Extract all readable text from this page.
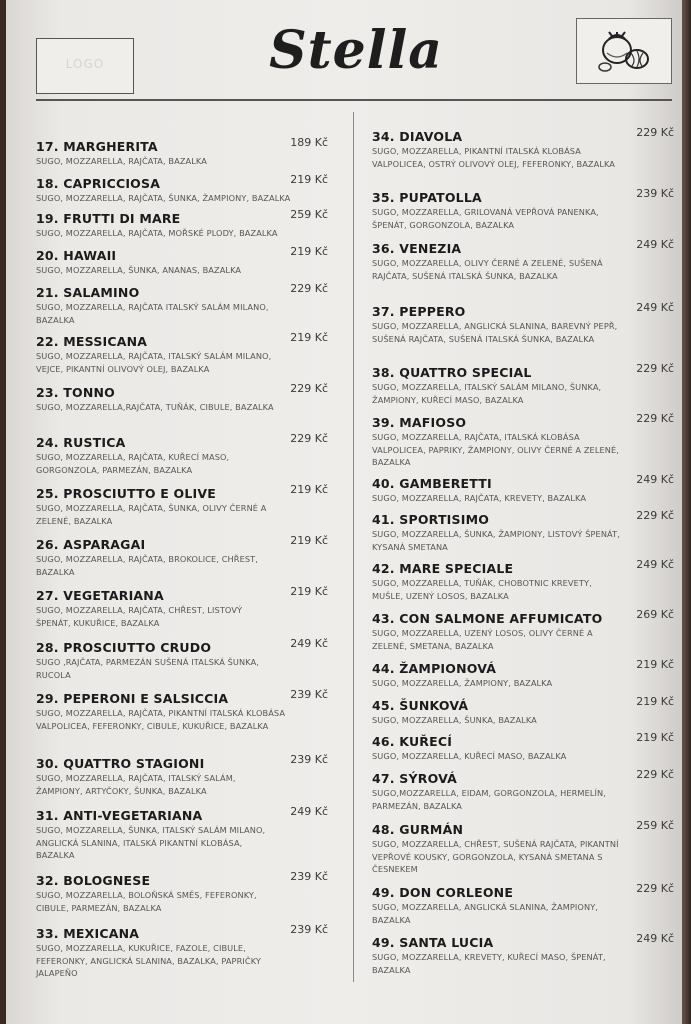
LOGO	Stella
17. MARGHERITA	189 Kč
SUGO, MOZZARELLA, RAJČATA, BAZALKA
18. CAPRICCIOSA	219 Kč
SUGO, MOZZARELLA, RAJČATA, ŠUNKA, ŽAMPIONY, BAZALKA
19. FRUTTI DI MARE	259 Kč
SUGO, MOZZARELLA, RAJČATA, MOŘSKÉ PLODY, BAZALKA
20. HAWAII	219 Kč
SUGO, MOZZARELLA, ŠUNKA, ANANAS, BAZALKA
21. SALAMINO	229 Kč
SUGO, MOZZARELLA, RAJČATA ITALSKÝ SALÁM MILANO, BAZALKA
22. MESSICANA	219 Kč
SUGO, MOZZARELLA, RAJČATA, ITALSKÝ SALÁM MILANO, VEJCE, PIKANTNÍ OLIVOVÝ OLEJ, BAZALKA
23. TONNO	229 Kč
SUGO, MOZZARELLA,RAJČATA, TUŇÁK, CIBULE, BAZALKA
24. RUSTICA	229 Kč
SUGO, MOZZARELLA, RAJČATA, KUŘECÍ MASO, GORGONZOLA, PARMEZÁN, BAZALKA
25. PROSCIUTTO E OLIVE	219 Kč
SUGO, MOZZARELLA, RAJČATA, ŠUNKA, OLIVY ČERNÉ A ZELENÉ, BAZALKA
26. ASPARAGAI	219 Kč
SUGO, MOZZARELLA, RAJČATA, BROKOLICE, CHŘEST, BAZALKA
27. VEGETARIANA	219 Kč
SUGO, MOZZARELLA, RAJČATA, CHŘEST, LISTOVÝ ŠPENÁT, KUKUŘICE, BAZALKA
28. PROSCIUTTO CRUDO	249 Kč
SUGO ,RAJČATA, PARMEZÁN SUŠENÁ ITALSKÁ ŠUNKA, RUCOLA
29. PEPERONI E SALSICCIA	239 Kč
SUGO, MOZZARELLA, RAJČATA, PIKANTNÍ ITALSKÁ KLOBÁSA VALPOLICEA, FEFERONKY, CIBULE, KUKUŘICE, BAZALKA
30. QUATTRO STAGIONI	239 Kč
SUGO, MOZZARELLA, RAJČATA, ITALSKÝ SALÁM, ŽAMPIONY, ARTYČOKY, ŠUNKA, BAZALKA
31. ANTI-VEGETARIANA	249 Kč
SUGO, MOZZARELLA, ŠUNKA, ITALSKÝ SALÁM MILANO, ANGLICKÁ SLANINA, ITALSKÁ PIKANTNÍ KLOBÁSA, BAZALKA
32. BOLOGNESE	239 Kč
SUGO, MOZZARELLA, BOLOŇSKÁ SMĚS, FEFERONKY, CIBULE, PARMEZÁN, BAZALKA
33. MEXICANA	239 Kč
SUGO, MOZZARELLA, KUKUŘICE, FAZOLE, CIBULE, FEFERONKY, ANGLICKÁ SLANINA, BAZALKA, PAPRIČKY JALAPEÑO
34. DIAVOLA	229 Kč
SUGO, MOZZARELLA, PIKANTNÍ ITALSKÁ KLOBÁSA VALPOLICEA, OSTRÝ OLIVOVÝ OLEJ, FEFERONKY, BAZALKA
35. PUPATOLLA	239 Kč
SUGO, MOZZARELLA, GRILOVANÁ VEPŘOVÁ PANENKA, ŠPENÁT, GORGONZOLA, BAZALKA
36. VENEZIA	249 Kč
SUGO, MOZZARELLA, OLIVY ČERNÉ A ZELENÉ, SUŠENÁ RAJČATA, SUŠENÁ ITALSKÁ ŠUNKA, BAZALKA
37. PEPPERO	249 Kč
SUGO, MOZZARELLA, ANGLICKÁ SLANINA, BAREVNÝ PEPŘ, SUŠENÁ RAJČATA, SUŠENÁ ITALSKÁ ŠUNKA, BAZALKA
38. QUATTRO SPECIAL	229 Kč
SUGO, MOZZARELLA, ITALSKÝ SALÁM MILANO, ŠUNKA, ŽAMPIONY, KUŘECÍ MASO, BAZALKA
39. MAFIOSO	229 Kč
SUGO, MOZZARELLA, RAJČATA, ITALSKÁ KLOBÁSA VALPOLICEA, PAPRIKY, ŽAMPIONY, OLIVY ČERNÉ A ZELENÉ, BAZALKA
40. GAMBERETTI	249 Kč
SUGO, MOZZARELLA, RAJČATA, KREVETY, BAZALKA
41. SPORTISIMO	229 Kč
SUGO, MOZZARELLA, ŠUNKA, ŽAMPIONY, LISTOVÝ ŠPENÁT, KYSANÁ SMETANA
42. MARE SPECIALE	249 Kč
SUGO, MOZZARELLA, TUŇÁK, CHOBOTNIC KREVETY, MUŠLE, UZENÝ LOSOS, BAZALKA
43. CON SALMONE AFFUMICATO	269 Kč
SUGO, MOZZARELLA, UZENÝ LOSOS, OLIVY ČERNÉ A ZELENÉ, SMETANA, BAZALKA
44. ŽAMPIONOVÁ	219 Kč
SUGO, MOZZARELLA, ŽAMPIONY, BAZALKA
45. ŠUNKOVÁ	219 Kč
SUGO, MOZZARELLA, ŠUNKA, BAZALKA
46. KUŘECÍ	219 Kč
SUGO, MOZZARELLA, KUŘECÍ MASO, BAZALKA
47. SÝROVÁ	229 Kč
SUGO,MOZZARELLA, EIDAM, GORGONZOLA, HERMELÍN, PARMEZÁN, BAZALKA
48. GURMÁN	259 Kč
SUGO, MOZZARELLA, CHŘEST, SUŠENÁ RAJČATA, PIKANTNÍ VEPŘOVÉ KOUSKY, GORGONZOLA, KYSANÁ SMETANA S ČESNEKEM
49. DON CORLEONE	229 Kč
SUGO, MOZZARELLA, ANGLICKÁ SLANINA, ŽAMPIONY, BAZALKA
49. SANTA LUCIA	249 Kč
SUGO, MOZZARELLA, KREVETY, KUŘECÍ MASO, ŠPENÁT, BAZALKA
